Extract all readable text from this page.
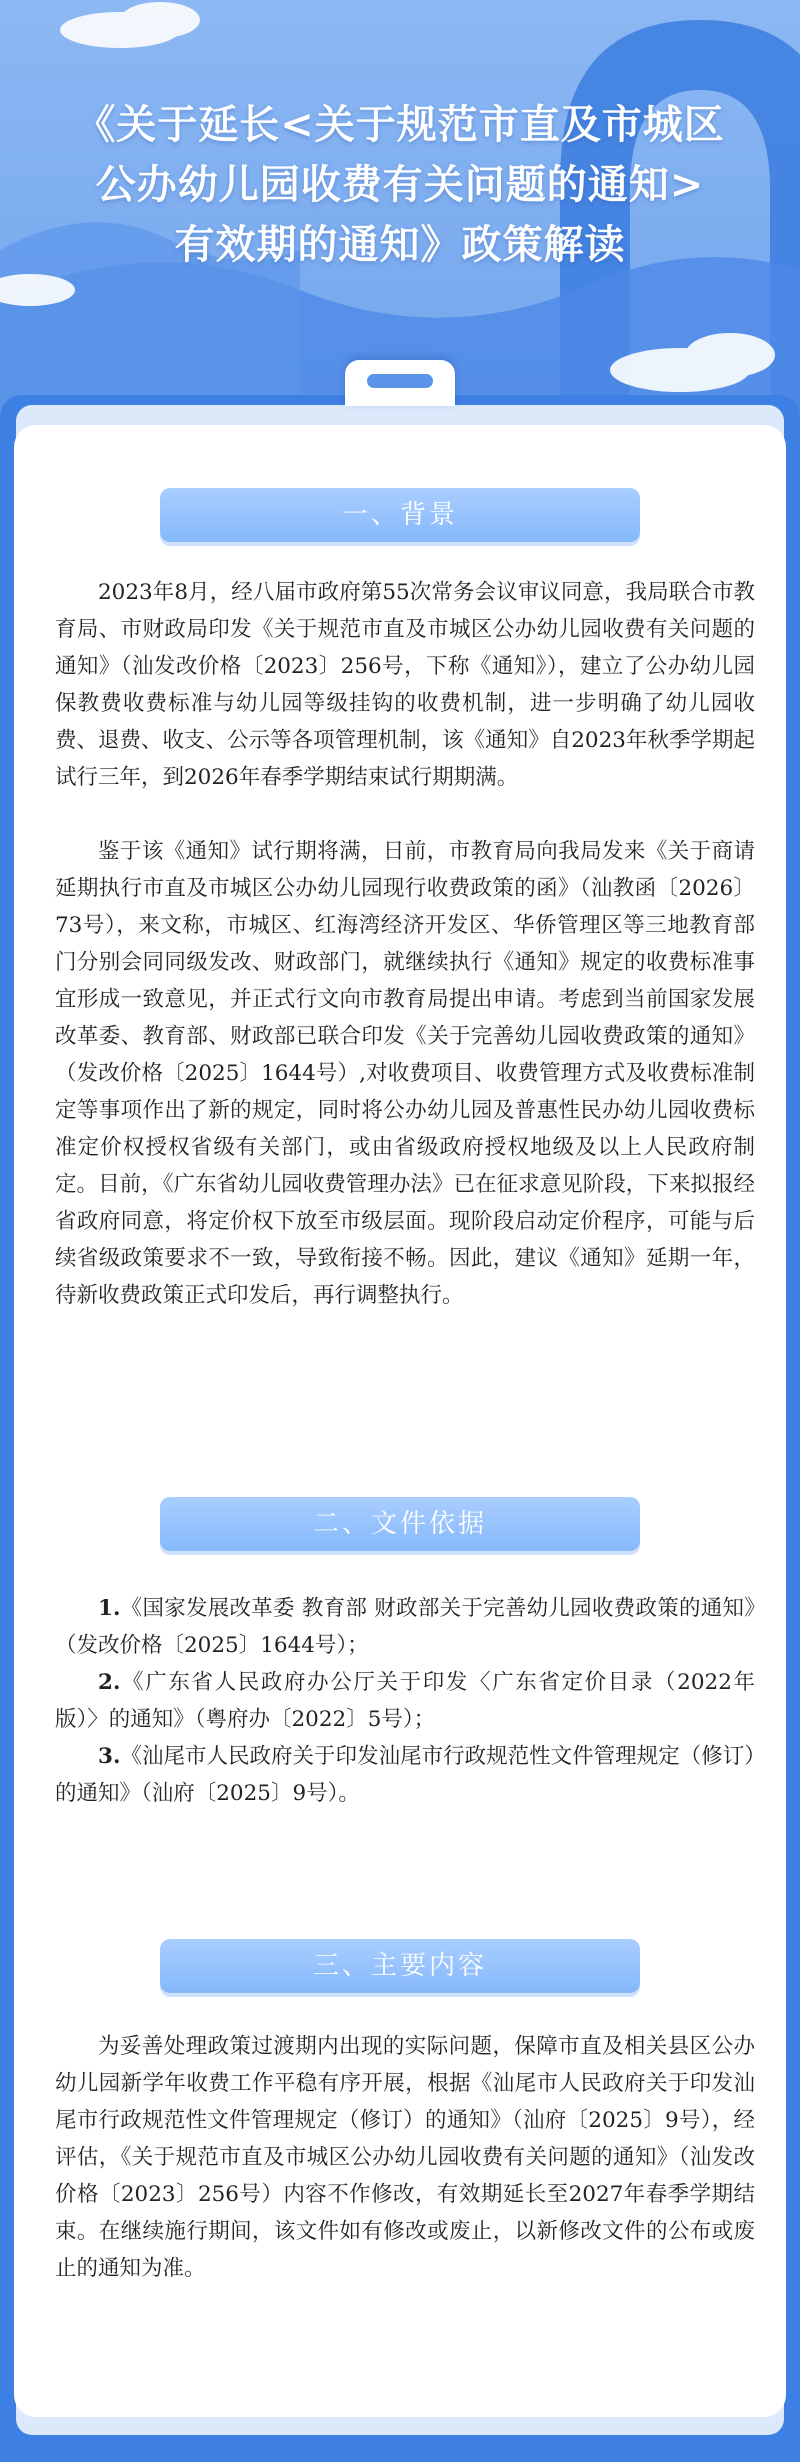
《关于延长<关于规范市直及市城区
公办幼儿园收费有关问题的通知>
有效期的通知》政策解读
一、背景

2023年8月，经八届市政府第55次常务会议审议同意，我局联合市教育局、市财政局印发《关于规范市直及市城区公办幼儿园收费有关问题的通知》（汕发改价格〔2023〕256号，下称《通知》），建立了公办幼儿园保教费收费标准与幼儿园等级挂钩的收费机制，进一步明确了幼儿园收费、退费、收支、公示等各项管理机制，该《通知》自2023年秋季学期起试行三年，到2026年春季学期结束试行期期满。

鉴于该《通知》试行期将满，日前，市教育局向我局发来《关于商请延期执行市直及市城区公办幼儿园现行收费政策的函》（汕教函〔2026〕73号），来文称，市城区、红海湾经济开发区、华侨管理区等三地教育部门分别会同同级发改、财政部门，就继续执行《通知》规定的收费标准事宜形成一致意见，并正式行文向市教育局提出申请。考虑到当前国家发展改革委、教育部、财政部已联合印发《关于完善幼儿园收费政策的通知》（发改价格〔2025〕1644号）,对收费项目、收费管理方式及收费标准制定等事项作出了新的规定，同时将公办幼儿园及普惠性民办幼儿园收费标准定价权授权省级有关部门，或由省级政府授权地级及以上人民政府制定。目前，《广东省幼儿园收费管理办法》已在征求意见阶段，下来拟报经省政府同意，将定价权下放至市级层面。现阶段启动定价程序，可能与后续省级政策要求不一致，导致衔接不畅。因此，建议《通知》延期一年，待新收费政策正式印发后，再行调整执行。

二、文件依据

1.《国家发展改革委 教育部 财政部关于完善幼儿园收费政策的通知》（发改价格〔2025〕1644号）；

2.《广东省人民政府办公厅关于印发〈广东省定价目录（2022年版）〉的通知》（粤府办〔2022〕5号）；

3.《汕尾市人民政府关于印发汕尾市行政规范性文件管理规定（修订）的通知》（汕府〔2025〕9号）。

三、主要内容

为妥善处理政策过渡期内出现的实际问题，保障市直及相关县区公办幼儿园新学年收费工作平稳有序开展，根据《汕尾市人民政府关于印发汕尾市行政规范性文件管理规定（修订）的通知》（汕府〔2025〕9号），经评估，《关于规范市直及市城区公办幼儿园收费有关问题的通知》（汕发改价格〔2023〕256号）内容不作修改，有效期延长至2027年春季学期结束。在继续施行期间，该文件如有修改或废止，以新修改文件的公布或废止的通知为准。
